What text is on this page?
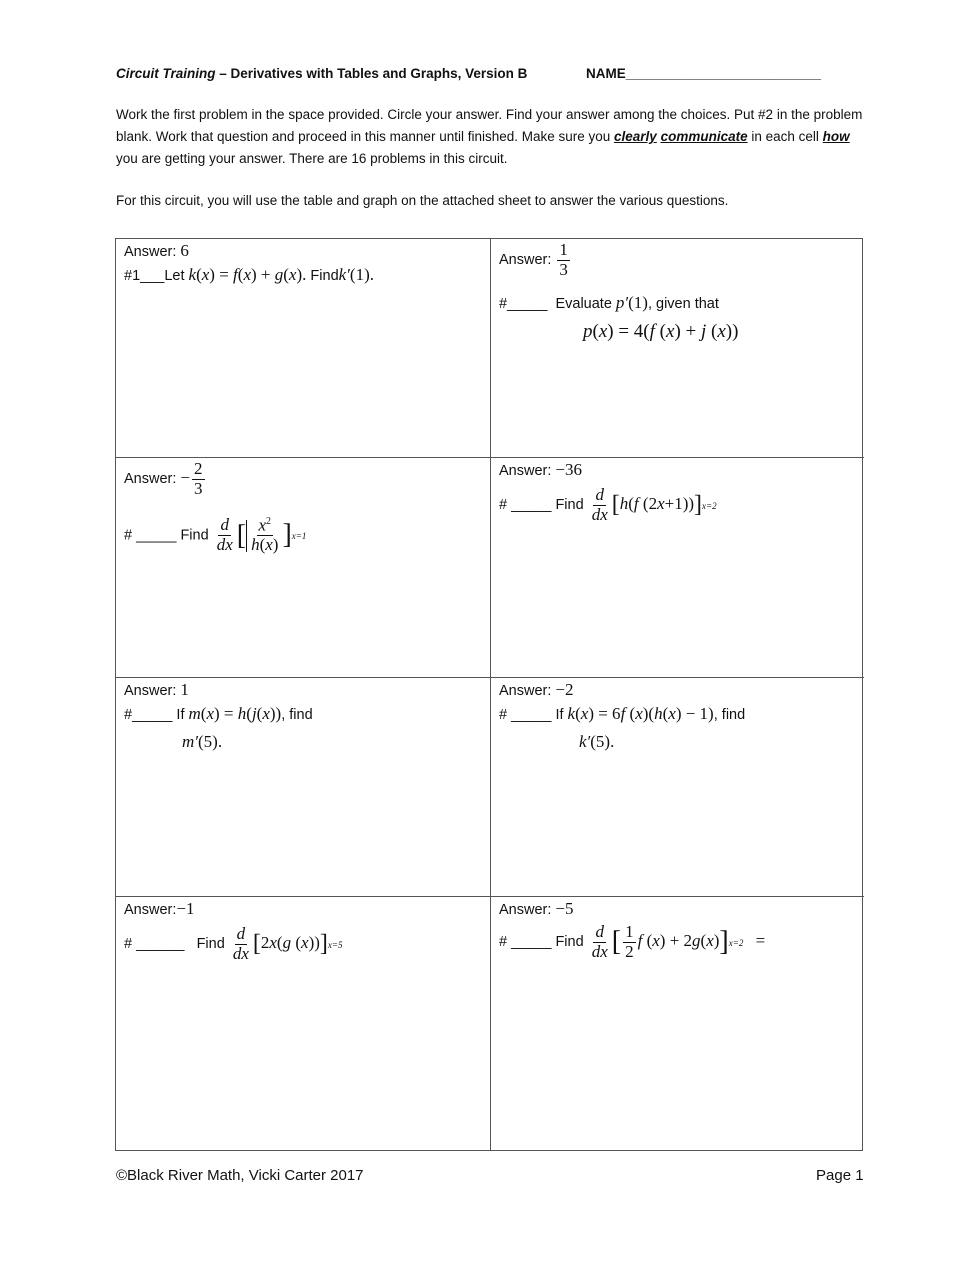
Circuit Training – Derivatives with Tables and Graphs, Version B	NAME__________________________
Work the first problem in the space provided. Circle your answer. Find your answer among the choices. Put #2 in the problem blank. Work that question and proceed in this manner until finished. Make sure you clearly communicate in each cell how you are getting your answer. There are 16 problems in this circuit.
For this circuit, you will use the table and graph on the attached sheet to answer the various questions.
Answer: 6
#1___Let k(x) = f(x) + g(x). Findk′(1).
Answer: $\frac{1}{3}$
#_____ Evaluate p′(1), given that
p(x) = 4(f (x) + j (x))
Answer: − $\frac{2}{3}$
# _____ Find $\frac{d}{dx}$ [ $\frac{x^2}{h(x)} ]x=1$
Answer: −36
# _____ Find $\frac{d}{dx} [h(f$ (2x+1))]x=2
Answer: 1
#_____ If m(x) = h(j(x)), find
m′(5).
Answer: −2
# _____ If k(x) = 6f (x)(h(x) − 1), find
k′(5).
Answer:−1
# ______ Find $\frac{d}{dx} [2x(g$ (x))]x=5
Answer: −5
# _____ Find $\frac{d}{dx}$ [ $\frac{1}{2}$ f (x) + 2g(x)]x=2 =
©Black River Math, Vicki Carter 2017	Page 1
